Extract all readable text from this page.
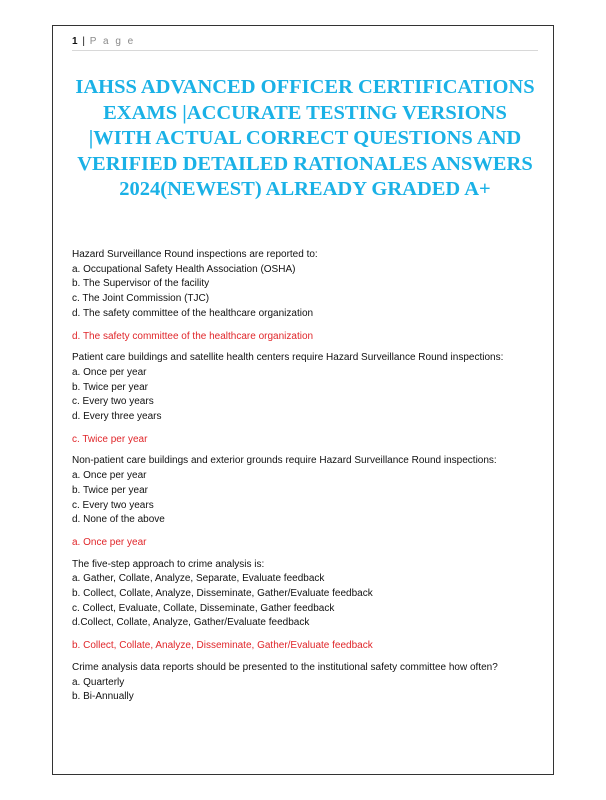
1 | P a g e
IAHSS ADVANCED OFFICER CERTIFICATIONS EXAMS |ACCURATE TESTING VERSIONS |WITH ACTUAL CORRECT QUESTIONS AND VERIFIED DETAILED RATIONALES ANSWERS 2024(NEWEST) ALREADY GRADED A+

Hazard Surveillance Round inspections are reported to:

a. Occupational Safety Health Association (OSHA)

b. The Supervisor of the facility

c. The Joint Commission (TJC)

d. The safety committee of the healthcare organization

d. The safety committee of the healthcare organization

Patient care buildings and satellite health centers require Hazard Surveillance Round inspections:

a. Once per year

b. Twice per year

c. Every two years

d. Every three years

c. Twice per year

Non-patient care buildings and exterior grounds require Hazard Surveillance Round inspections:

a. Once per year

b. Twice per year

c. Every two years

d. None of the above

a. Once per year

The five-step approach to crime analysis is:

a. Gather, Collate, Analyze, Separate, Evaluate feedback

b. Collect, Collate, Analyze, Disseminate, Gather/Evaluate feedback

c. Collect, Evaluate, Collate, Disseminate, Gather feedback

d.Collect, Collate, Analyze, Gather/Evaluate feedback

b. Collect, Collate, Analyze, Disseminate, Gather/Evaluate feedback

Crime analysis data reports should be presented to the institutional safety committee how often?

a. Quarterly

b. Bi-Annually
